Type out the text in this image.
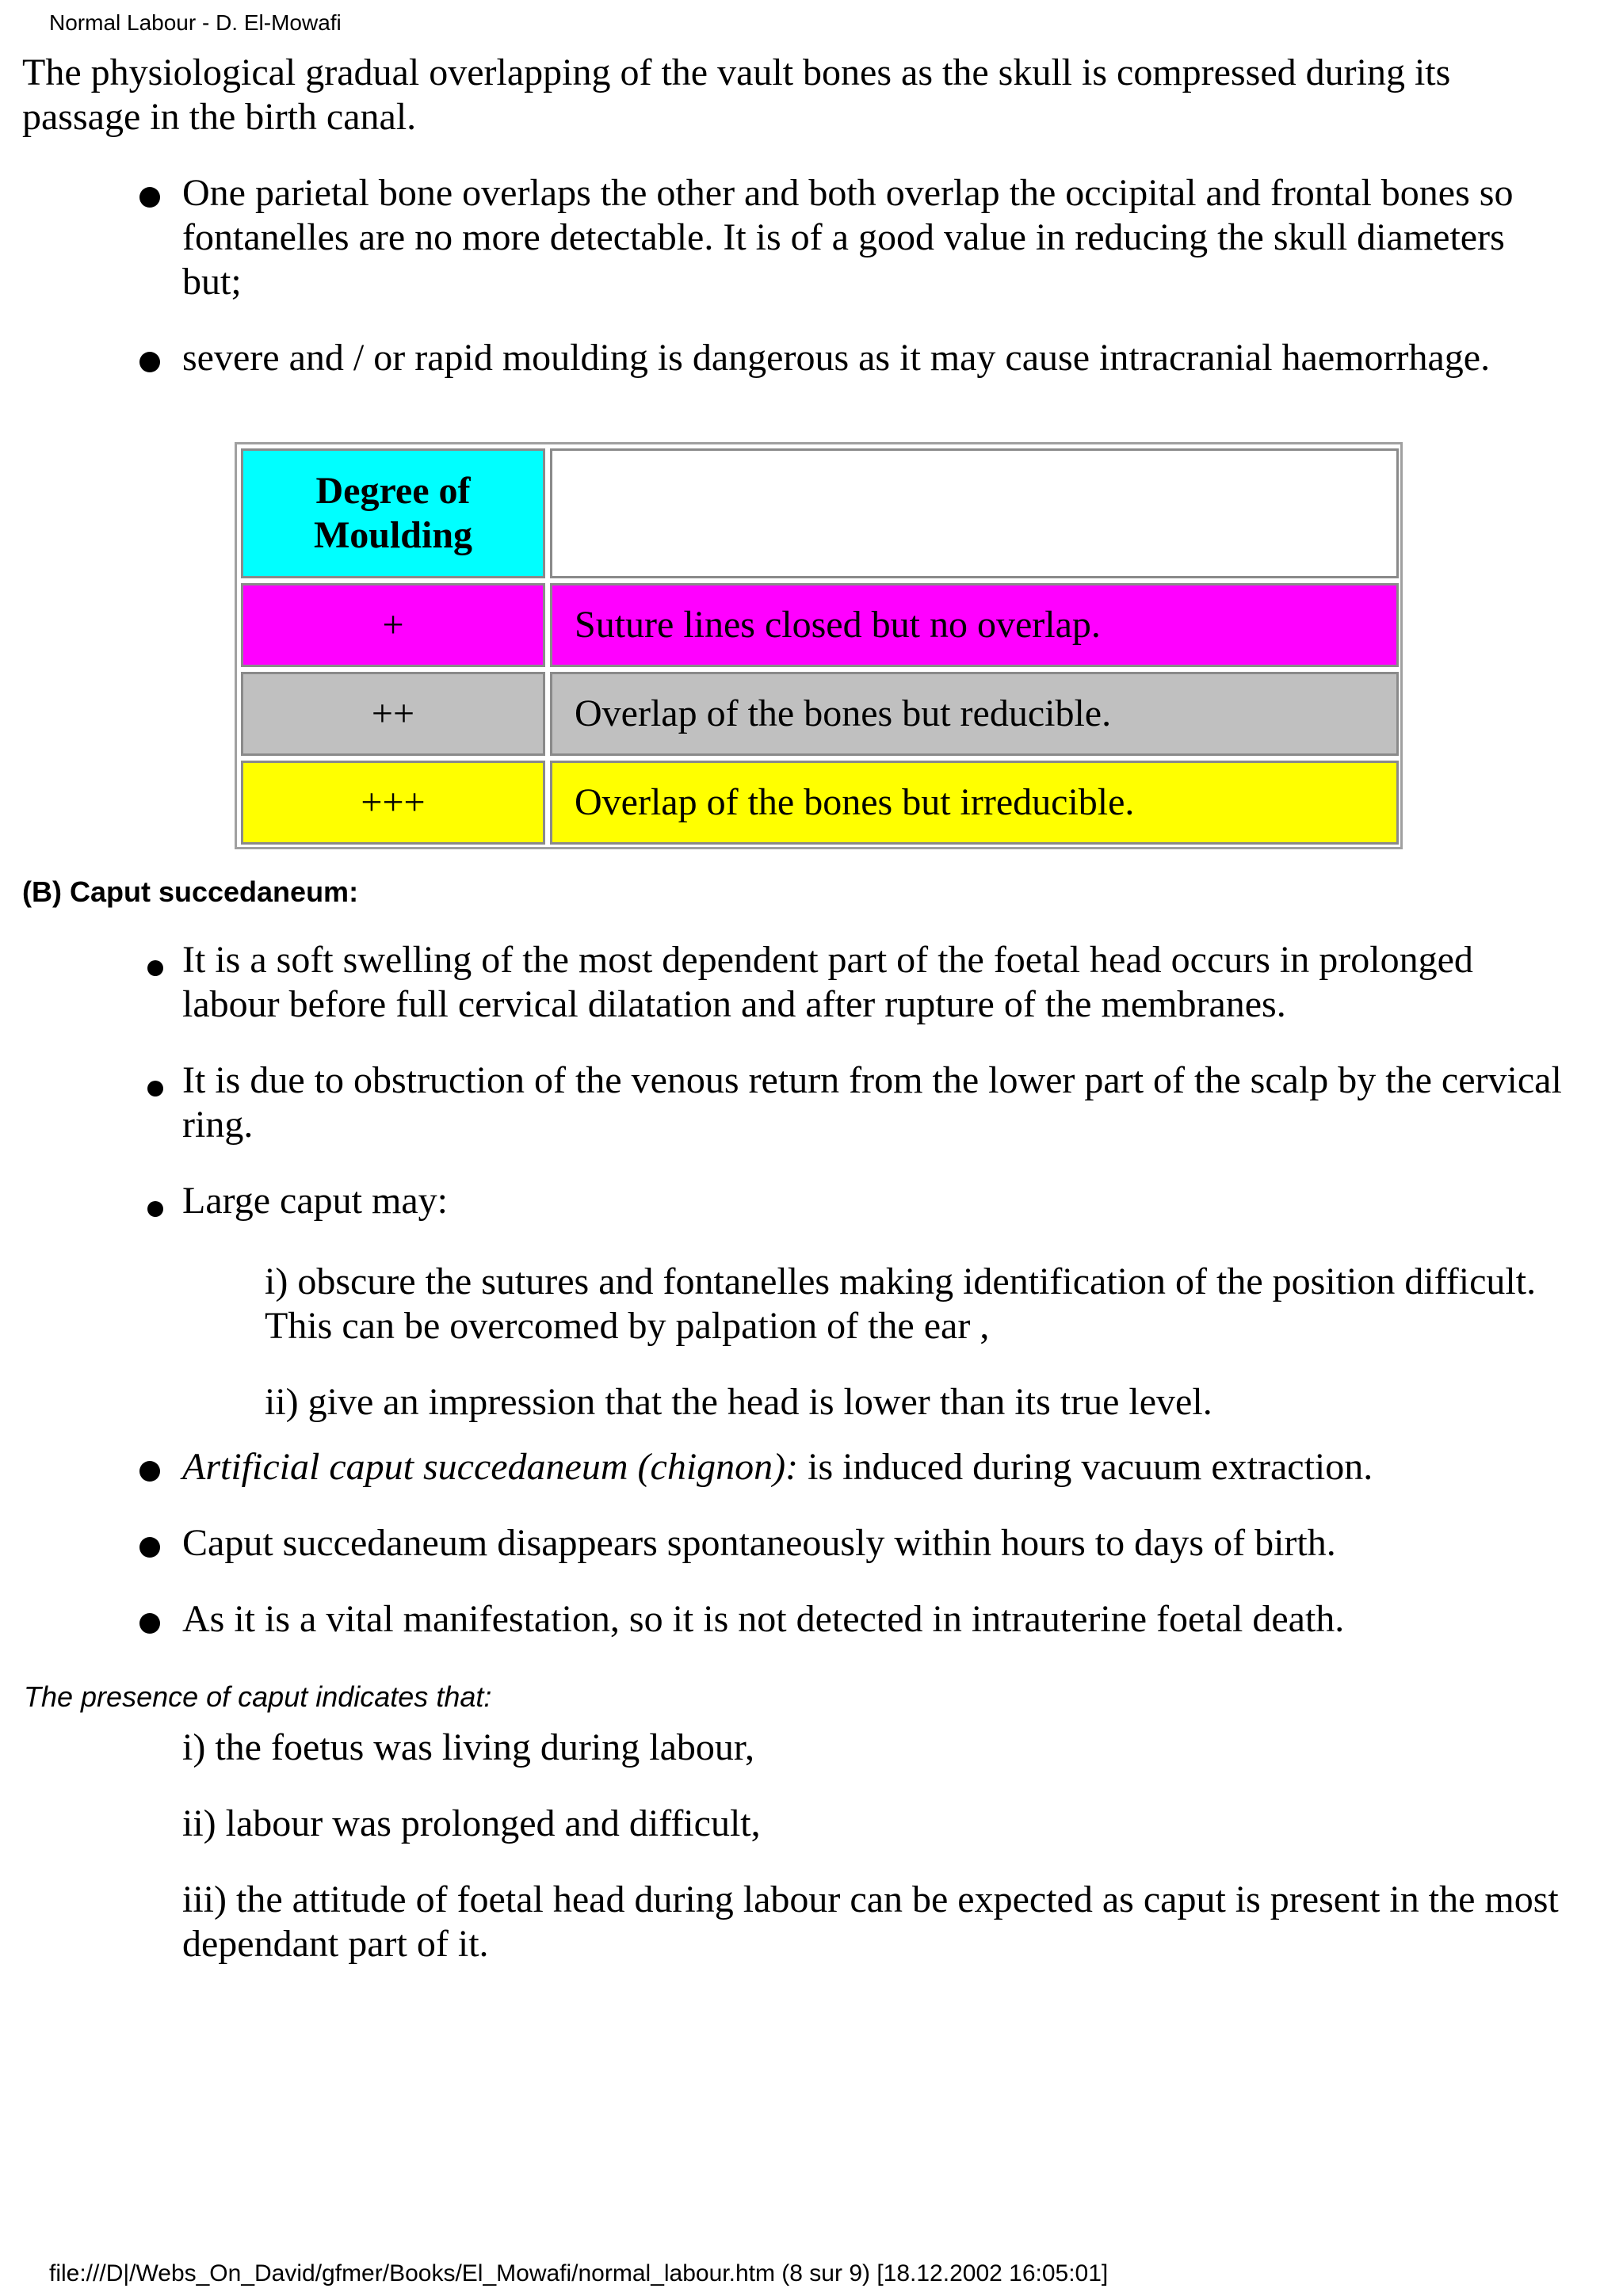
Normal Labour - D. El-Mowafi

The physiological gradual overlapping of the vault bones as the skull is compressed during its passage in the birth canal.

One parietal bone overlaps the other and both overlap the occipital and frontal bones so fontanelles are no more detectable. It is of a good value in reducing the skull diameters but;
severe and / or rapid moulding is dangerous as it may cause intracranial haemorrhage.
Degree of Moulding
+	Suture lines closed but no overlap.
++	Overlap of the bones but reducible.
+++	Overlap of the bones but irreducible.
(B) Caput succedaneum:
It is a soft swelling of the most dependent part of the foetal head occurs in prolonged labour before full cervical dilatation and after rupture of the membranes.
It is due to obstruction of the venous return from the lower part of the scalp by the cervical ring.
Large caput may:

i) obscure the sutures and fontanelles making identification of the position difficult. This can be overcomed by palpation of the ear ,

ii) give an impression that the head is lower than its true level.

Artificial caput succedaneum (chignon): is induced during vacuum extraction.
Caput succedaneum disappears spontaneously within hours to days of birth.
As it is a vital manifestation, so it is not detected in intrauterine foetal death.
The presence of caput indicates that:

i) the foetus was living during labour,

ii) labour was prolonged and difficult,

iii) the attitude of foetal head during labour can be expected as caput is present in the most dependant part of it.

file:///D|/Webs_On_David/gfmer/Books/El_Mowafi/normal_labour.htm (8 sur 9) [18.12.2002 16:05:01]
